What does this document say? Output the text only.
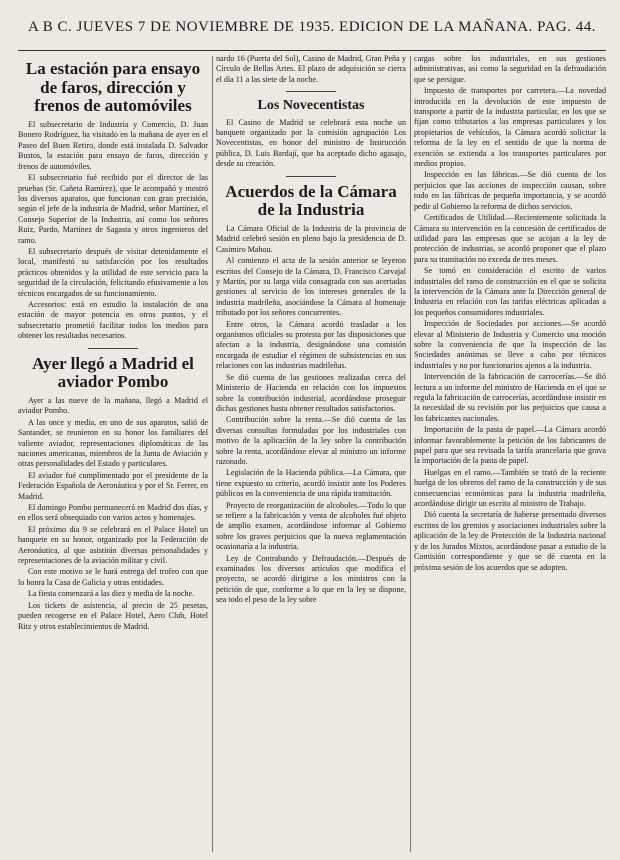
A B C. JUEVES 7 DE NOVIEMBRE DE 1935. EDICION DE LA MAÑANA. PAG. 44.
La estación para ensayo de faros, dirección y frenos de automóviles

El subsecretario de Industria y Comercio, D. Juan Bonero Rodríguez, ha visitado en la mañana de ayer en el Paseo del Buen Retiro, donde está instalada D. Salvador Bustos, la estación para ensayo de faros, dirección y frenos de automóviles.

El subsecretario fué recibido por el director de las pruebas (Sr. Cañeta Ramírez), que le acompañó y mostró los diversos aparatos, que funcionan con gran precisión, según el jefe de la industria de Madrid, señor Martínez, el Consejo Superior de la Industria, así como los señores Ruiz, Pardo, Martínez de Sagasta y otros ingenieros del ramo.

El subsecretario después de visitar detenidamente el local, manifestó su satisfacción por los resultados prácticos obtenidos y la utilidad de este servicio para la seguridad de la circulación, felicitando efusivamente a los técnicos encargados de su funcionamiento.

Accesorios: está en estudio la instalación de una estación de mayor potencia en otros puntos, y el subsecretario prometió facilitar todos los medios para obtener los resultados necesarios.

Ayer llegó a Madrid el aviador Pombo

Ayer a las nueve de la mañana, llegó a Madrid el aviador Pombo.

A las once y media, en uno de sus aparatos, salió de Santander, se reunieron en su honor los familiares del valiente aviador, representaciones diplomáticas de las naciones americanas, miembros de la Junta de Aviación y otras personalidades del Estado y particulares.

El aviador fué cumplimentado por el presidente de la Federación Española de Aeronáutica y por el Sr. Ferrer, en Madrid.

El domingo Pombo permanecerá en Madrid dos días, y en ellos será obsequiado con varios actos y homenajes.

El próximo día 9 se celebrará en el Palace Hotel un banquete en su honor, organizado por la Federación de Aeronáutica, al que asistirán diversas personalidades y representaciones de la aviación militar y civil.

Con este motivo se le hará entrega del trofeo con que lo honra la Casa de Galicia y otras entidades.

La fiesta comenzará a las diez y media de la noche.

Los tickets de asistencia, al precio de 25 pesetas, pueden recogerse en el Palace Hotel, Aero Club, Hotel Ritz y otros establecimientos de Madrid.

nardo 16 (Puerta del Sol), Casino de Madrid, Gran Peña y Círculo de Bellas Artes. El plazo de adquisición se cierra el día 11 a las siete de la noche.

Los Novecentistas

El Casino de Madrid se celebrará esta noche un banquete organizado por la comisión agrupación Los Novecentistas, en honor del ministro de Instrucción pública, D. Luis Bardají, que ha aceptado dicho agasajo, desde su creación.

Acuerdos de la Cámara de la Industria

La Cámara Oficial de la Industria de la provincia de Madrid celebró sesión en pleno bajo la presidencia de D. Casimiro Mahou.

Al comienzo el acta de la sesión anterior se leyeron escritos del Consejo de la Cámara, D. Francisco Carvajal y Martín, por su larga vida consagrada con sus acertadas gestiones al servicio de los intereses generales de la industria madrileña, asociándose la Cámara al homenaje tributado por los señores concurrentes.

Entre otros, la Cámara acordó trasladar a los organismos oficiales su protesta por las disposiciones que afectan a la industria, designándose una comisión encargada de estudiar el régimen de subsistencias en sus relaciones con las industrias madrileñas.

Se dió cuenta de las gestiones realizadas cerca del Ministerio de Hacienda en relación con los impuestos sobre la contribución industrial, acordándose proseguir dichas gestiones hasta obtener resultados satisfactorios.

Contribución sobre la renta.—Se dió cuenta de las diversas consultas formuladas por los industriales con motivo de la aplicación de la ley sobre la contribución sobre la renta, acordándose elevar al ministro un informe razonado.

Legislación de la Hacienda pública.—La Cámara, que tiene expuesto su criterio, acordó insistir ante los Poderes públicos en la conveniencia de una rápida tramitación.

Proyecto de reorganización de alcoholes.—Todo lo que se refiere a la fabricación y venta de alcoholes fué objeto de amplio examen, acordándose informar al Gobierno sobre los graves perjuicios que la nueva reglamentación ocasionaría a la industria.

Ley de Contrabando y Defraudación.—Después de examinados los diversos artículos que modifica el proyecto, se acordó dirigirse a los ministros con la petición de que, conforme a lo que en la ley se dispone, sea todo el peso de la ley sobre

cargas sobre los industriales, en sus gestiones administrativas, así como la seguridad en la defraudación que se persigue.

Impuesto de transportes por carretera.—La novedad introducida en la devolución de este impuesto de transporte a partir de la industria particular, en los que se fijan como tributarios a las empresas particulares y los propietarios de vehículos, la Cámara acordó solicitar la reforma de la ley en el sentido de que la norma de exención se extienda a los transportes particulares por medios propios.

Inspección en las fábricas.—Se dió cuenta de los perjuicios que las acciones de inspección causan, sobre todo en las fábricas de pequeña importancia, y se acordó pedir al Gobierno la reforma de dichos servicios.

Certificados de Utilidad.—Recientemente solicitada la Cámara su intervención en la concesión de certificados de utilidad para las empresas que se acojan a la ley de protección de industrias, se acordó proponer que el plazo para su tramitación no exceda de tres meses.

Se tomó en consideración el escrito de varios industriales del ramo de construcción en el que se solicita la intervención de la Cámara ante la Dirección general de Industria en relación con las tarifas eléctricas aplicadas a los pequeños consumidores industriales.

Inspección de Sociedades por acciones.—Se acordó elevar al Ministerio de Industria y Comercio una moción sobre la conveniencia de que la inspección de las Sociedades anónimas se lleve a cabo por técnicos industriales y no por funcionarios ajenos a la industria.

Intervención de la fabricación de carrocerías.—Se dió lectura a un informe del ministro de Hacienda en el que se regula la fabricación de carrocerías, acordándose insistir en la necesidad de su revisión por los perjuicios que causa a los fabricantes nacionales.

Importación de la pasta de papel.—La Cámara acordó informar favorablemente la petición de los fabricantes de papel para que sea revisada la tarifa arancelaria que grava la importación de la pasta de papel.

Huelgas en el ramo.—También se trató de la reciente huelga de los obreros del ramo de la construcción y de sus consecuencias económicas para la industria madrileña, acordándose dirigir un escrito al ministro de Trabajo.

Dió cuenta la secretaría de haberse presentado diversos escritos de los gremios y asociaciones industriales sobre la aplicación de la ley de Protección de la Industria nacional y de los Jurados Mixtos, acordándose pasar a estudio de la Comisión correspondiente y que se dé cuenta en la próxima sesión de los acuerdos que se adopten.
